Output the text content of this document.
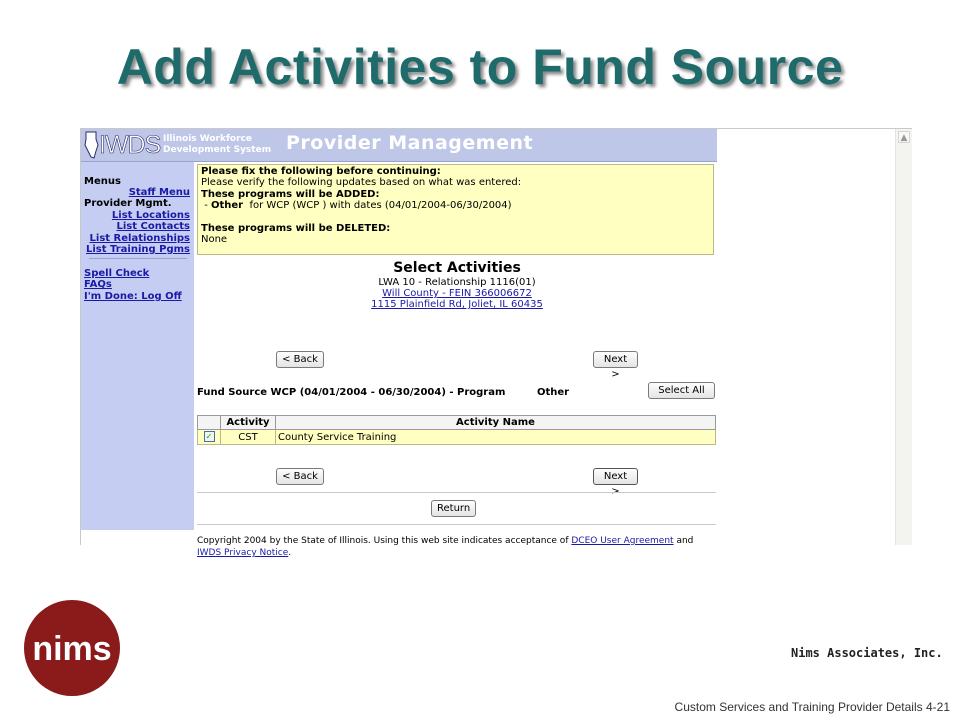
Add Activities to Fund Source
IWDS Illinois Workforce
Development System Provider Management	▲
Menus
Staff Menu
Provider Mgmt.
List Locations
List Contacts
List Relationships
List Training Pgms
Spell Check
FAQs
I'm Done: Log Off
Please fix the following before continuing:
Please verify the following updates based on what was entered:
These programs will be ADDED:
- Other for WCP (WCP ) with dates (04/01/2004-06/30/2004)
These programs will be DELETED:
None
Select Activities
LWA 10 - Relationship 1116(01)
Will County - FEIN 366006672
1115 Plainfield Rd, Joliet, IL 60435
< Back	Next >
Fund Source WCP (04/01/2004 - 06/30/2004) - Program	Other	Select All
	Activity	Activity Name
✓	CST	County Service Training
< Back	Next
Return
Copyright 2004 by the State of Illinois. Using this web site indicates acceptance of DCEO User Agreement and
IWDS Privacy Notice.
nims	Nims Associates, Inc.
Custom Services and Training Provider Details 4-21
